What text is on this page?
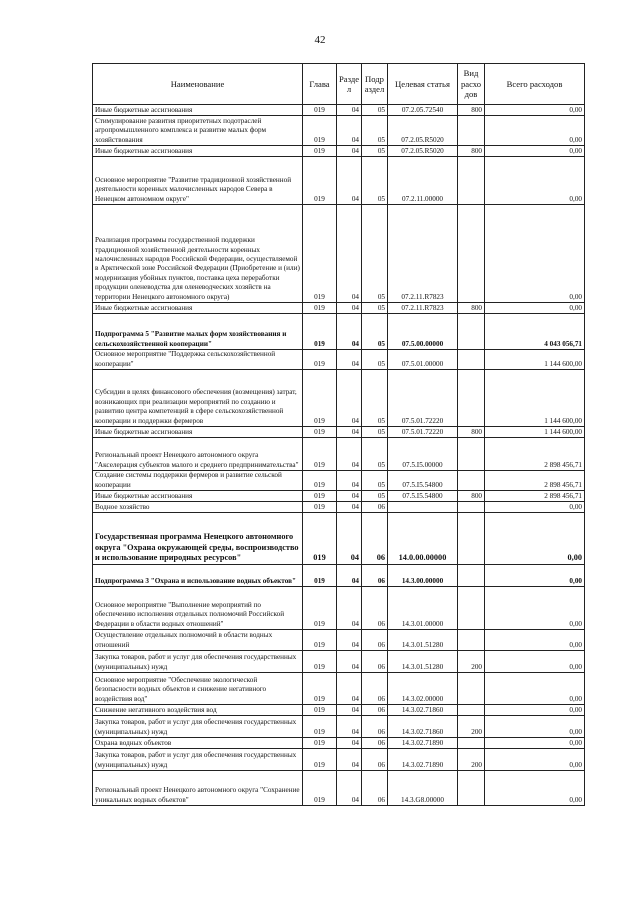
42
Наименование	Глава	Разде л	Подр аздел	Целевая статья	Вид расхо дов	Всего расходов
Иные бюджетные ассигнования	019	04	05	07.2.05.72540	800	0,00
Стимулирование развития приоритетных подотраслей агропромышленного комплекса и развитие малых форм хозяйствования	019	04	05	07.2.05.R5020		0,00
Иные бюджетные ассигнования	019	04	05	07.2.05.R5020	800	0,00
Основное мероприятие "Развитие традиционной хозяйственной деятельности коренных малочисленных народов Севера в Ненецком автономном округе"	019	04	05	07.2.11.00000		0,00
Реализация программы государственной поддержки традиционной хозяйственной деятельности коренных малочисленных народов Российской Федерации, осуществляемой в Арктической зоне Российской Федерации (Приобретение и (или) модернизация убойных пунктов, поставка цеха переработки продукции оленеводства для оленеводческих хозяйств на территории Ненецкого автономного округа)	019	04	05	07.2.11.R7823		0,00
Иные бюджетные ассигнования	019	04	05	07.2.11.R7823	800	0,00
Подпрограмма 5 "Развитие малых форм хозяйствования и сельскохозяйственной кооперации"	019	04	05	07.5.00.00000		4 043 056,71
Основное мероприятие "Поддержка сельскохозяйственной кооперации"	019	04	05	07.5.01.00000		1 144 600,00
Субсидии в целях финансового обеспечения (возмещения) затрат, возникающих при реализации мероприятий по созданию и развитию центра компетенций в сфере сельскохозяйственной кооперации и поддержки фермеров	019	04	05	07.5.01.72220		1 144 600,00
Иные бюджетные ассигнования	019	04	05	07.5.01.72220	800	1 144 600,00
Региональный проект Ненецкого автономного округа "Акселерация субъектов малого и среднего предпринимательства"	019	04	05	07.5.I5.00000		2 898 456,71
Создание системы поддержки фермеров и развитие сельской кооперации	019	04	05	07.5.I5.54800		2 898 456,71
Иные бюджетные ассигнования	019	04	05	07.5.I5.54800	800	2 898 456,71
Водное хозяйство	019	04	06			0,00
Государственная программа Ненецкого автономного округа "Охрана окружающей среды, воспроизводство и использование природных ресурсов"	019	04	06	14.0.00.00000		0,00
Подпрограмма 3 "Охрана и использование водных объектов"	019	04	06	14.3.00.00000		0,00
Основное мероприятие "Выполнение мероприятий по обеспечению исполнения отдельных полномочий Российской Федерации в области водных отношений"	019	04	06	14.3.01.00000		0,00
Осуществление отдельных полномочий в области водных отношений	019	04	06	14.3.01.51280		0,00
Закупка товаров, работ и услуг для обеспечения государственных (муниципальных) нужд	019	04	06	14.3.01.51280	200	0,00
Основное мероприятие "Обеспечение экологической безопасности водных объектов и снижение негативного воздействия вод"	019	04	06	14.3.02.00000		0,00
Снижение негативного воздействия вод	019	04	06	14.3.02.71860		0,00
Закупка товаров, работ и услуг для обеспечения государственных (муниципальных) нужд	019	04	06	14.3.02.71860	200	0,00
Охрана водных объектов	019	04	06	14.3.02.71890		0,00
Закупка товаров, работ и услуг для обеспечения государственных (муниципальных) нужд	019	04	06	14.3.02.71890	200	0,00
Региональный проект Ненецкого автономного округа "Сохранение уникальных водных объектов"	019	04	06	14.3.G8.00000		0,00
